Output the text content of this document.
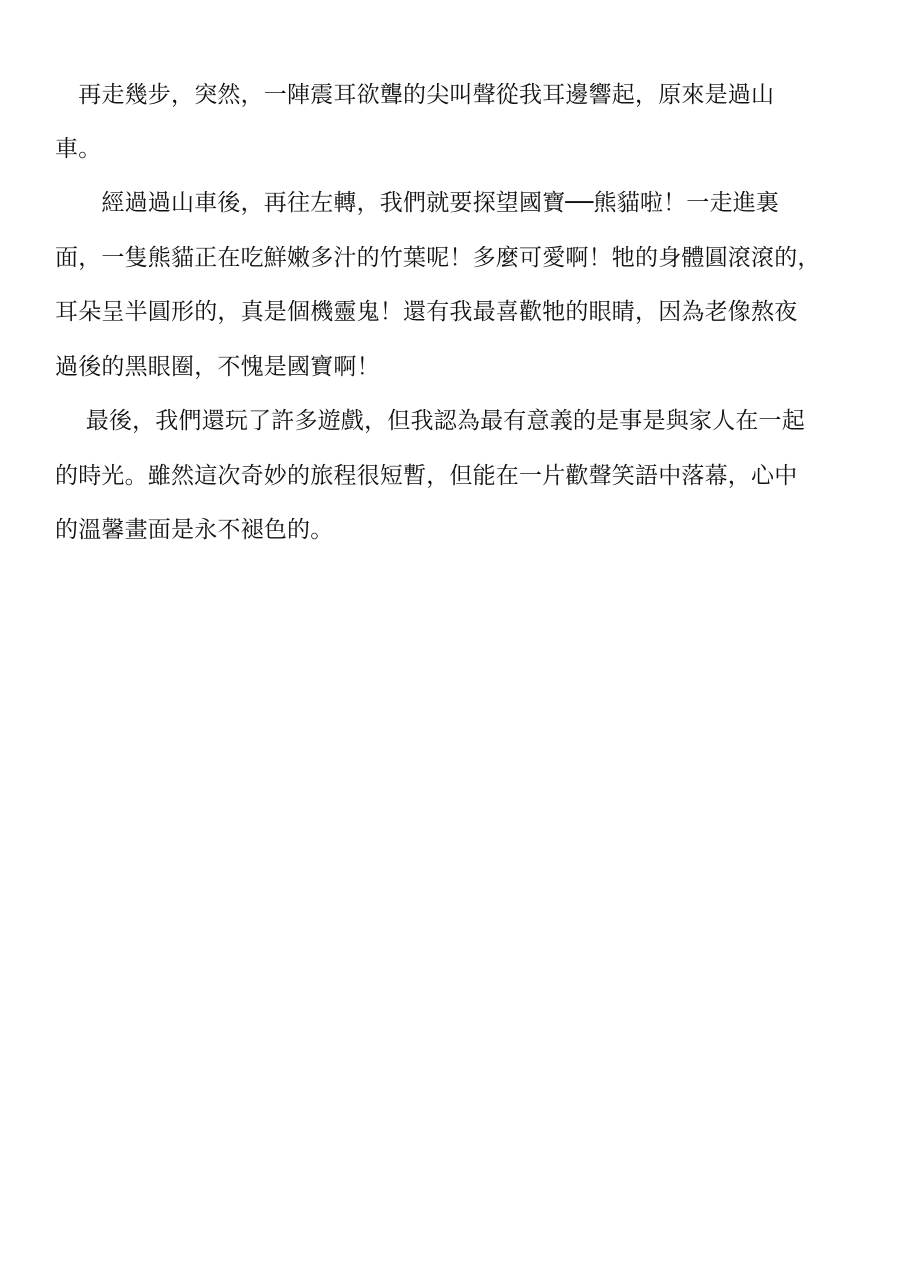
　再走幾步，突然，一陣震耳欲聾的尖叫聲從我耳邊響起，原來是過山
車。
　　經過過山車後，再往左轉，我們就要探望國寶──熊貓啦！一走進裏
面，一隻熊貓正在吃鮮嫩多汁的竹葉呢！多麼可愛啊！牠的身體圓滾滾的，
耳朵呈半圓形的，真是個機靈鬼！還有我最喜歡牠的眼睛，因為老像熬夜
過後的黑眼圈，不愧是國寶啊！
　 最後，我們還玩了許多遊戲，但我認為最有意義的是事是與家人在一起
的時光。雖然這次奇妙的旅程很短暫，但能在一片歡聲笑語中落幕，心中
的溫馨畫面是永不褪色的。
